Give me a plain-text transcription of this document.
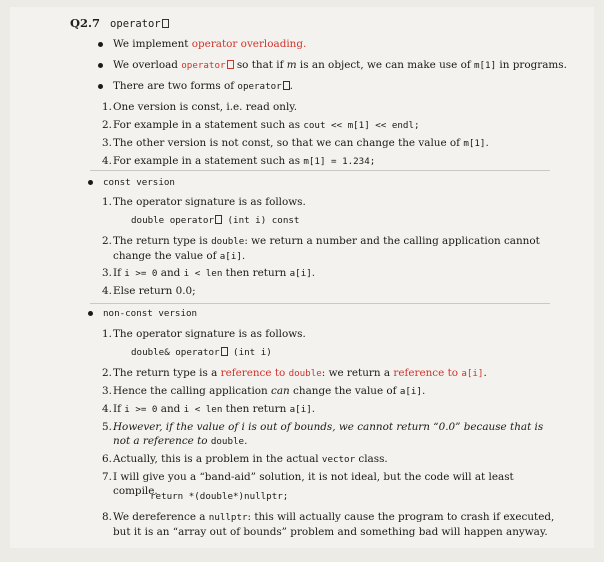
Q2.7 operator
We implement operator overloading.
We overload operator so that if m is an object, we can make use of m[1] in programs.
There are two forms of operator .
1. One version is const, i.e. read only.
2. For example in a statement such as cout << m[1] << endl;
3. The other version is not const, so that we can change the value of m[1].
4. For example in a statement such as m[1] = 1.234;
const version
1. The operator signature is as follows.
double operator (int i) const
2. The return type is double: we return a number and the calling application cannot change the value of a[i].
3. If i >= 0 and i < len then return a[i].
4. Else return 0.0;
non-const version
1. The operator signature is as follows.
double& operator (int i)
2. The return type is a reference to double: we return a reference to a[i].
3. Hence the calling application can change the value of a[i].
4. If i >= 0 and i < len then return a[i].
5. However, if the value of i is out of bounds, we cannot return “0.0” because that is not a reference to double.
6. Actually, this is a problem in the actual vector class.
7. I will give you a “band-aid” solution, it is not ideal, but the code will at least compile.
return *(double*)nullptr;
8. We dereference a nullptr: this will actually cause the program to crash if executed, but it is an “array out of bounds” problem and something bad will happen anyway.
